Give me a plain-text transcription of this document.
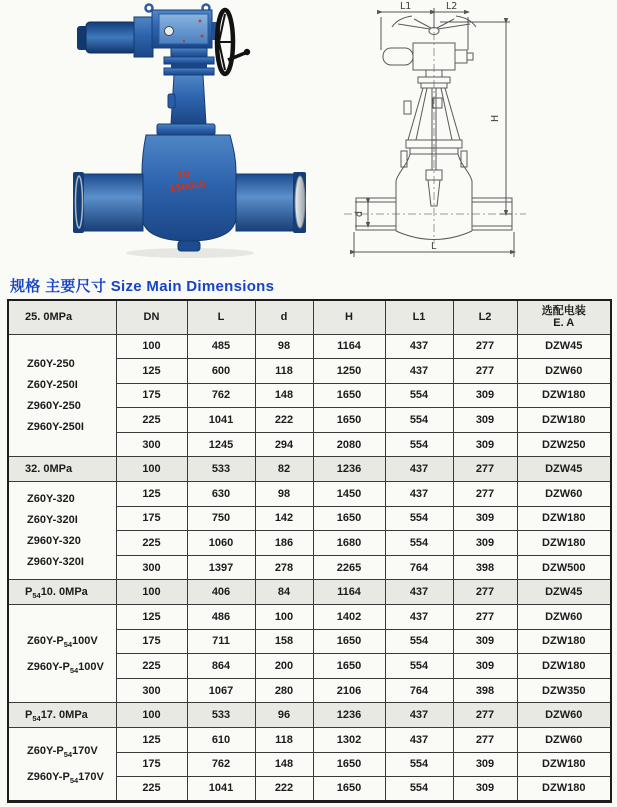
10
1500Lb
L1	L2
H
d
L
规格 主要尺寸 Size Main Dimensions
25. 0MPa	DN	L	d	H	L1	L2	选配电装
E. A

Z60Y-250
Z60Y-250I
Z960Y-250
Z960Y-250I	100	485	98	1164	437	277	DZW45
	125	600	118	1250	437	277	DZW60
	175	762	148	1650	554	309	DZW180
	225	1041	222	1650	554	309	DZW180
	300	1245	294	2080	554	309	DZW250
32. 0MPa	100	533	82	1236	437	277	DZW45

Z60Y-320
Z60Y-320I
Z960Y-320
Z960Y-320I	125	630	98	1450	437	277	DZW60
	175	750	142	1650	554	309	DZW180
	225	1060	186	1680	554	309	DZW180
	300	1397	278	2265	764	398	DZW500
$P_{54}10$. 0MPa	100	406	84	1164	437	277	DZW45

$Z60Y-P_{54}100V$
$Z960Y-P_{54}100V$	125	486	100	1402	437	277	DZW60
	175	711	158	1650	554	309	DZW180
	225	864	200	1650	554	309	DZW180
	300	1067	280	2106	764	398	DZW350
$P_{54}17$. 0MPa	100	533	96	1236	437	277	DZW60

$Z60Y-P_{54}170V$
$Z960Y-P_{54}170V$	125	610	118	1302	437	277	DZW60
	175	762	148	1650	554	309	DZW180
	225	1041	222	1650	554	309	DZW180
